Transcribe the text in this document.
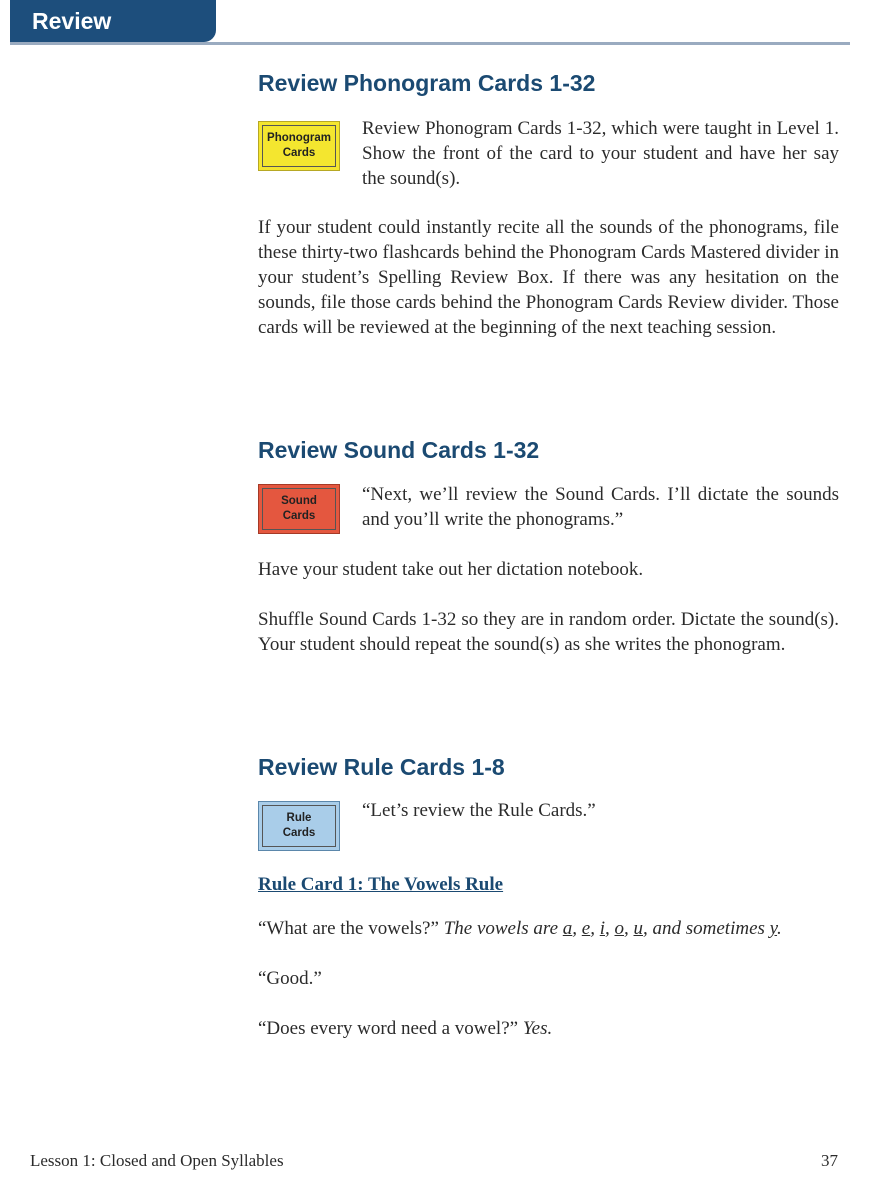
Review
Review Phonogram Cards 1-32
Phonogram
Cards

Review Phonogram Cards 1-32, which were taught in Level 1. Show the front of the card to your student and have her say the sound(s).

If your student could instantly recite all the sounds of the phonograms, file these thirty-two flashcards behind the Phonogram Cards Mastered divider in your student’s Spelling Review Box. If there was any hesitation on the sounds, file those cards behind the Phonogram Cards Review divider. Those cards will be reviewed at the beginning of the next teaching session.

Review Sound Cards 1-32
Sound
Cards

“Next, we’ll review the Sound Cards. I’ll dictate the sounds and you’ll write the phonograms.”

Have your student take out her dictation notebook.

Shuffle Sound Cards 1-32 so they are in random order. Dictate the sound(s). Your student should repeat the sound(s) as she writes the phonogram.

Review Rule Cards 1-8
Rule
Cards

“Let’s review the Rule Cards.”

Rule Card 1: The Vowels Rule

“What are the vowels?” The vowels are a, e, i, o, u, and sometimes y.

“Good.”

“Does every word need a vowel?” Yes.

Lesson 1: Closed and Open Syllables	37
